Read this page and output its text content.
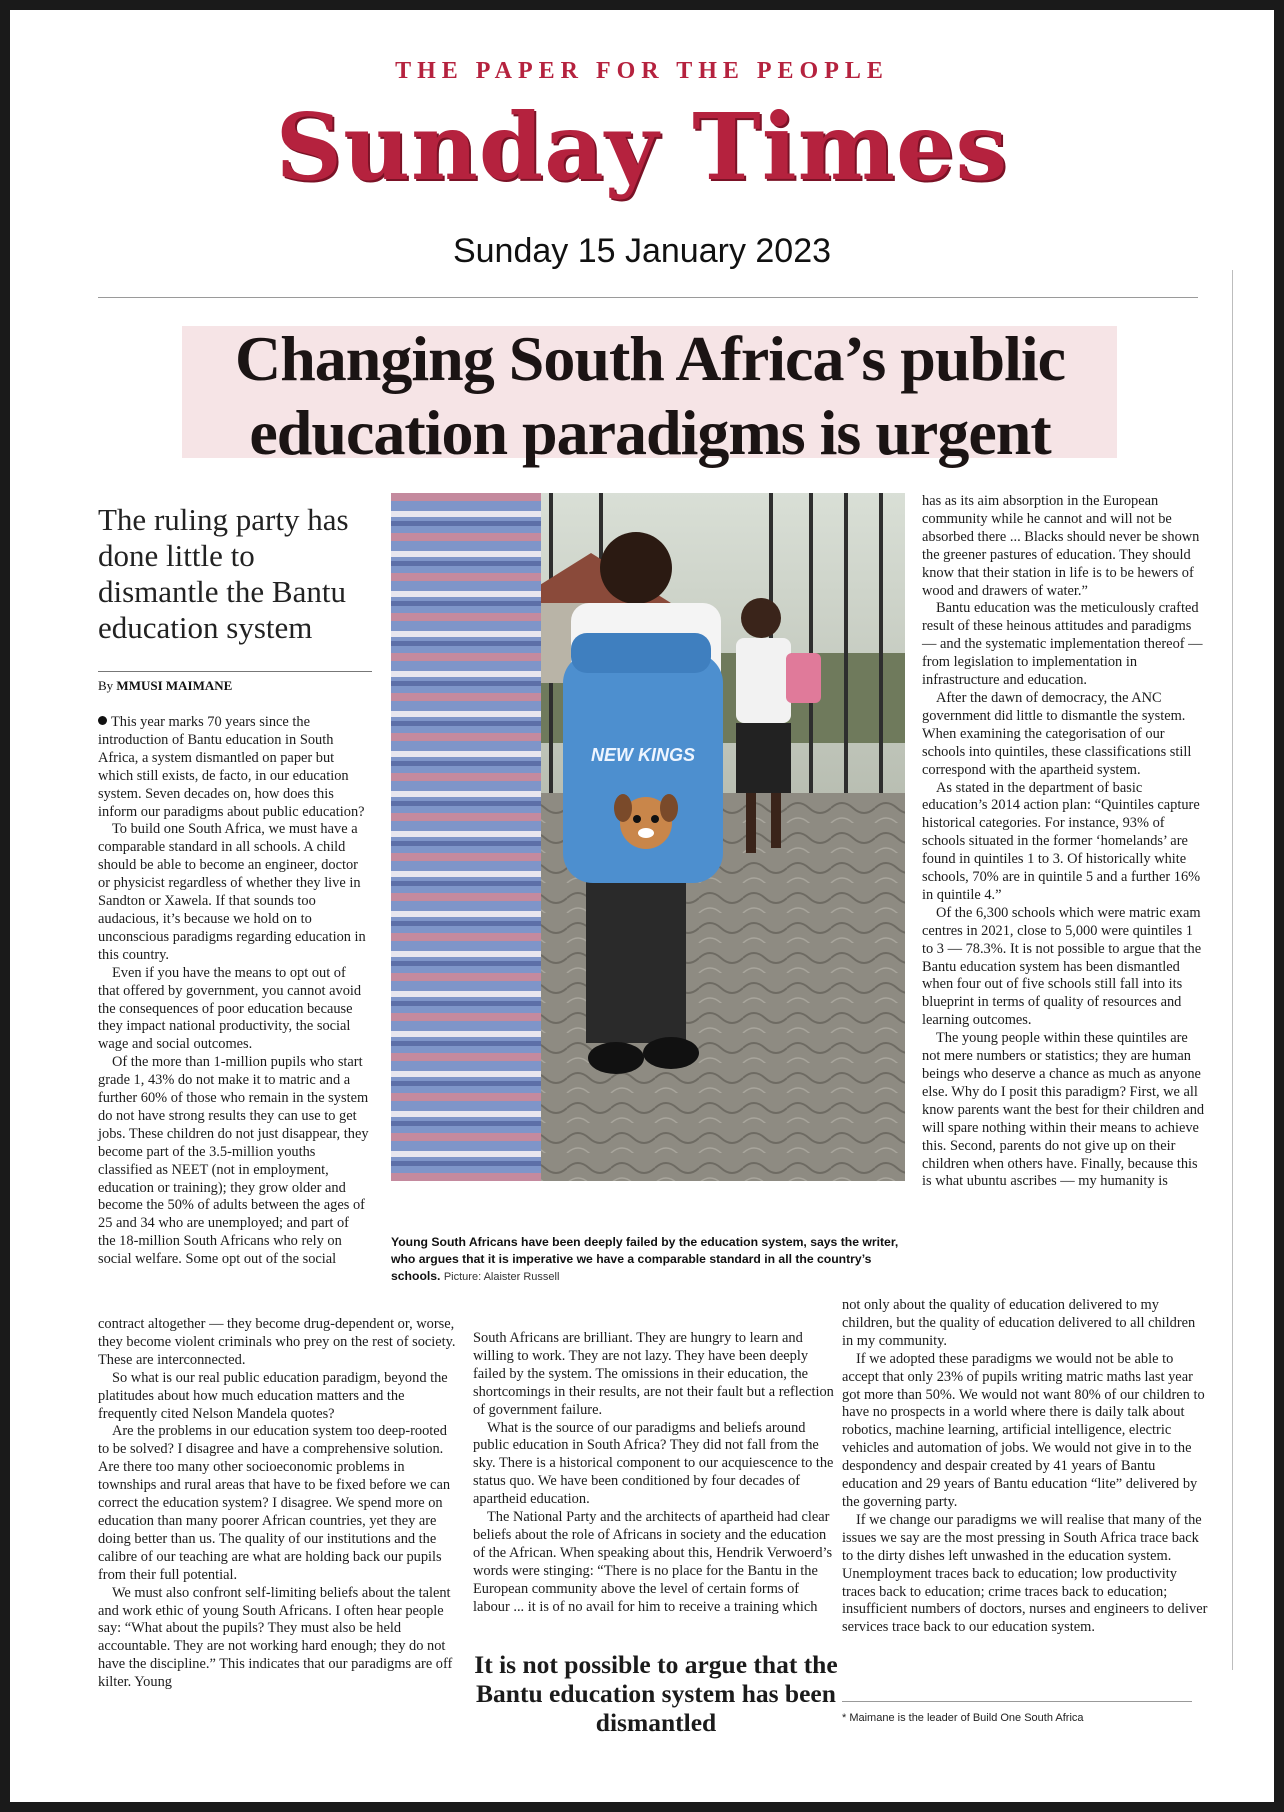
THE PAPER FOR THE PEOPLE
Sunday Times
Sunday 15 January 2023
Changing South Africa’s public
education paradigms is urgent
The ruling party has done little to dismantle the Bantu education system
By MMUSI MAIMANE
NEW KINGS
Young South Africans have been deeply failed by the education system, says the writer, who argues that it is imperative we have a comparable standard in all the country’s schools. Picture: Alaister Russell

This year marks 70 years since the introduction of Bantu education in South Africa, a system dismantled on paper but which still exists, de facto, in our education system. Seven decades on, how does this inform our paradigms about public education?

To build one South Africa, we must have a comparable standard in all schools. A child should be able to become an engineer, doctor or physicist regardless of whether they live in Sandton or Xawela. If that sounds too audacious, it’s because we hold on to unconscious paradigms regarding education in this country.

Even if you have the means to opt out of that offered by government, you cannot avoid the consequences of poor education because they impact national productivity, the social wage and social outcomes.

Of the more than 1-million pupils who start grade 1, 43% do not make it to matric and a further 60% of those who remain in the system do not have strong results they can use to get jobs. These children do not just disappear, they become part of the 3.5-million youths classified as NEET (not in employment, education or training); they grow older and become the 50% of adults between the ages of 25 and 34 who are unemployed; and part of the 18-million South Africans who rely on social welfare. Some opt out of the social

contract altogether — they become drug-dependent or, worse, they become violent criminals who prey on the rest of society. These are interconnected.

So what is our real public education paradigm, beyond the platitudes about how much education matters and the frequently cited Nelson Mandela quotes?

Are the problems in our education system too deep-rooted to be solved? I disagree and have a comprehensive solution. Are there too many other socioeconomic problems in townships and rural areas that have to be fixed before we can correct the education system? I disagree. We spend more on education than many poorer African countries, yet they are doing better than us. The quality of our institutions and the calibre of our teaching are what are holding back our pupils from their full potential.

We must also confront self-limiting beliefs about the talent and work ethic of young South Africans. I often hear people say: “What about the pupils? They must also be held accountable. They are not working hard enough; they do not have the discipline.” This indicates that our paradigms are off kilter. Young

South Africans are brilliant. They are hungry to learn and willing to work. They are not lazy. They have been deeply failed by the system. The omissions in their education, the shortcomings in their results, are not their fault but a reflection of government failure.

What is the source of our paradigms and beliefs around public education in South Africa? They did not fall from the sky. There is a historical component to our acquiescence to the status quo. We have been conditioned by four decades of apartheid education.

The National Party and the architects of apartheid had clear beliefs about the role of Africans in society and the education of the African. When speaking about this, Hendrik Verwoerd’s words were stinging: “There is no place for the Bantu in the European community above the level of certain forms of labour ... it is of no avail for him to receive a training which

It is not possible to argue that the Bantu education system has been dismantled

has as its aim absorption in the European community while he cannot and will not be absorbed there ... Blacks should never be shown the greener pastures of education. They should know that their station in life is to be hewers of wood and drawers of water.”

Bantu education was the meticulously crafted result of these heinous attitudes and paradigms — and the systematic implementation thereof — from legislation to implementation in infrastructure and education.

After the dawn of democracy, the ANC government did little to dismantle the system. When examining the categorisation of our schools into quintiles, these classifications still correspond with the apartheid system.

As stated in the department of basic education’s 2014 action plan: “Quintiles capture historical categories. For instance, 93% of schools situated in the former ‘homelands’ are found in quintiles 1 to 3. Of historically white schools, 70% are in quintile 5 and a further 16% in quintile 4.”

Of the 6,300 schools which were matric exam centres in 2021, close to 5,000 were quintiles 1 to 3 — 78.3%. It is not possible to argue that the Bantu education system has been dismantled when four out of five schools still fall into its blueprint in terms of quality of resources and learning outcomes.

The young people within these quintiles are not mere numbers or statistics; they are human beings who deserve a chance as much as anyone else. Why do I posit this paradigm? First, we all know parents want the best for their children and will spare nothing within their means to achieve this. Second, parents do not give up on their children when others have. Finally, because this is what ubuntu ascribes — my humanity is

not only about the quality of education delivered to my children, but the quality of education delivered to all children in my community.

If we adopted these paradigms we would not be able to accept that only 23% of pupils writing matric maths last year got more than 50%. We would not want 80% of our children to have no prospects in a world where there is daily talk about robotics, machine learning, artificial intelligence, electric vehicles and automation of jobs. We would not give in to the despondency and despair created by 41 years of Bantu education and 29 years of Bantu education “lite” delivered by the governing party.

If we change our paradigms we will realise that many of the issues we say are the most pressing in South Africa trace back to the dirty dishes left unwashed in the education system. Unemployment traces back to education; low productivity traces back to education; crime traces back to education; insufficient numbers of doctors, nurses and engineers to deliver services trace back to our education system.

* Maimane is the leader of Build One South Africa
